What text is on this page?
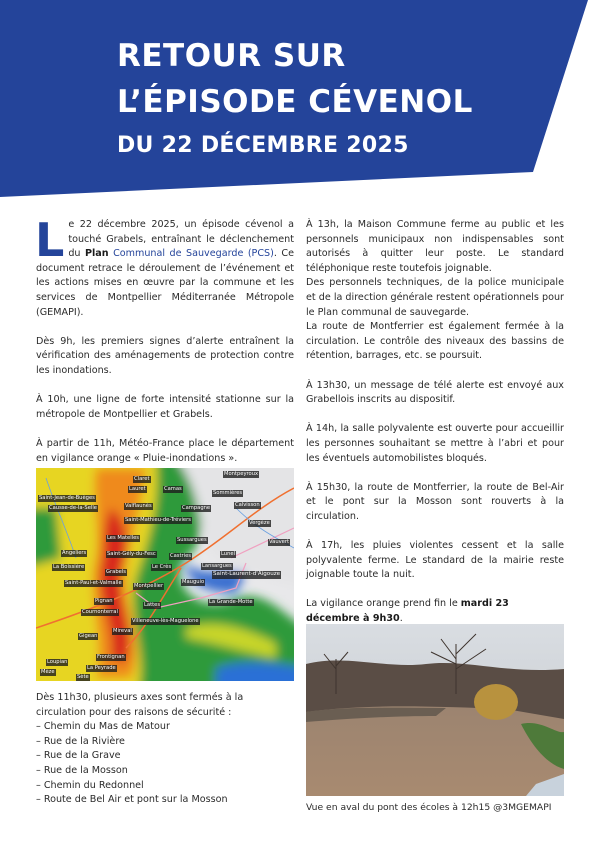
RETOUR SUR
L’ÉPISODE CÉVENOL
DU 22 DÉCEMBRE 2025

Le 22 décembre 2025, un épisode cévenol a touché Grabels, entraînant le déclenchement du Plan Communal de Sauvegarde (PCS). Ce document retrace le déroulement de l’événement et les actions mises en œuvre par la commune et les services de Montpellier Méditerranée Métropole (GEMAPI).

Dès 9h, les premiers signes d’alerte entraînent la vérification des aménagements de protection contre les inondations.

À 10h, une ligne de forte intensité stationne sur la métropole de Montpellier et Grabels.

À partir de 11h, Météo-France place le département en vigilance orange « Pluie-inondations ».

Claret
Lauret	Camas
Montpeyroux
Saint-Jean-de-Buèges
Causse-de-la-Selle	Valflaunès	Campagne
Sommières
Saint-Mathieu-de-Tréviers
Calvisson
Les Matelles	Sussargues
Vergèze
Angeliers	Saint-Gély-du-Fesc	Castries	Lunel
La Boissière
Grabels
Le Crès	Lansargues
Saint-Paul-et-Valmalle Montpellier
Mauguio
Pignan
Lattes	La Grande-Motte
Cournonterral
Villeneuve-lès-Maguelone
Gigean
Mireval
Frontignan
Loupian
La Peyrade
Mèze
Sète
Vauvert
Saint-Laurent-d'Aigouze
Dès 11h30, plusieurs axes sont fermés à la circulation pour des raisons de sécurité :
– Chemin du Mas de Matour
– Rue de la Rivière
– Rue de la Grave
– Rue de la Mosson
– Chemin du Redonnel
– Route de Bel Air et pont sur la Mosson

À 13h, la Maison Commune ferme au public et les personnels municipaux non indispensables sont autorisés à quitter leur poste. Le standard téléphonique reste toutefois joignable.

Des personnels techniques, de la police municipale et de la direction générale restent opérationnels pour le Plan communal de sauvegarde.

La route de Montferrier est également fermée à la circulation. Le contrôle des niveaux des bassins de rétention, barrages, etc. se poursuit.

À 13h30, un message de télé alerte est envoyé aux Grabellois inscrits au dispositif.

À 14h, la salle polyvalente est ouverte pour accueillir les personnes souhaitant se mettre à l’abri et pour les éventuels automobilistes bloqués.

À 15h30, la route de Montferrier, la route de Bel-Air et le pont sur la Mosson sont rouverts à la circulation.

À 17h, les pluies violentes cessent et la salle polyvalente ferme. Le standard de la mairie reste joignable toute la nuit.

La vigilance orange prend fin le mardi 23 décembre à 9h30.

Vue en aval du pont des écoles à 12h15 @3MGEMAPI
